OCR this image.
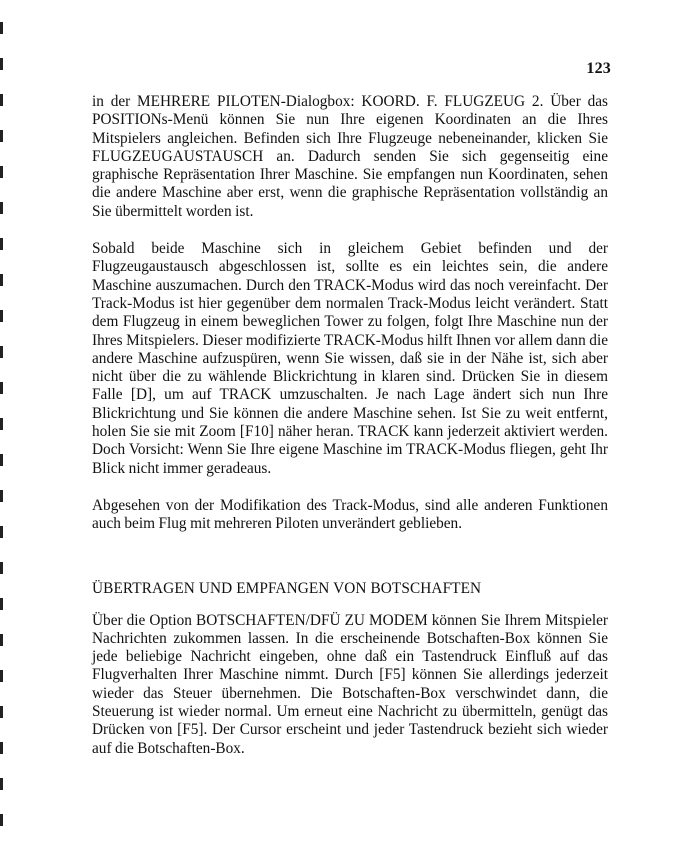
123

in der MEHRERE PILOTEN-Dialogbox: KOORD. F. FLUGZEUG 2. Über das POSITIONs-Menü können Sie nun Ihre eigenen Koordinaten an die Ihres Mitspielers angleichen. Befinden sich Ihre Flugzeuge nebeneinander, klicken Sie FLUGZEUGAUSTAUSCH an. Dadurch senden Sie sich gegenseitig eine graphische Repräsentation Ihrer Maschine. Sie empfangen nun Koordinaten, sehen die andere Maschine aber erst, wenn die graphische Repräsentation vollständig an Sie übermittelt worden ist.

Sobald beide Maschine sich in gleichem Gebiet befinden und der Flugzeugaustausch abgeschlossen ist, sollte es ein leichtes sein, die andere Maschine auszumachen. Durch den TRACK-Modus wird das noch vereinfacht. Der Track-Modus ist hier gegenüber dem normalen Track-Modus leicht verändert. Statt dem Flugzeug in einem beweglichen Tower zu folgen, folgt Ihre Maschine nun der Ihres Mitspielers. Dieser modifizierte TRACK-Modus hilft Ihnen vor allem dann die andere Maschine aufzuspüren, wenn Sie wissen, daß sie in der Nähe ist, sich aber nicht über die zu wählende Blickrichtung in klaren sind. Drücken Sie in diesem Falle [D], um auf TRACK umzuschalten. Je nach Lage ändert sich nun Ihre Blickrichtung und Sie können die andere Maschine sehen. Ist Sie zu weit entfernt, holen Sie sie mit Zoom [F10] näher heran. TRACK kann jederzeit aktiviert werden. Doch Vorsicht: Wenn Sie Ihre eigene Maschine im TRACK-Modus fliegen, geht Ihr Blick nicht immer geradeaus.

Abgesehen von der Modifikation des Track-Modus, sind alle anderen Funktionen auch beim Flug mit mehreren Piloten unverändert geblieben.

ÜBERTRAGEN UND EMPFANGEN VON BOTSCHAFTEN

Über die Option BOTSCHAFTEN/DFÜ ZU MODEM können Sie Ihrem Mitspieler Nachrichten zukommen lassen. In die erscheinende Botschaften-Box können Sie jede beliebige Nachricht eingeben, ohne daß ein Tastendruck Einfluß auf das Flugverhalten Ihrer Maschine nimmt. Durch [F5] können Sie allerdings jederzeit wieder das Steuer übernehmen. Die Botschaften-Box verschwindet dann, die Steuerung ist wieder normal. Um erneut eine Nachricht zu übermitteln, genügt das Drücken von [F5]. Der Cursor erscheint und jeder Tastendruck bezieht sich wieder auf die Botschaften-Box.
